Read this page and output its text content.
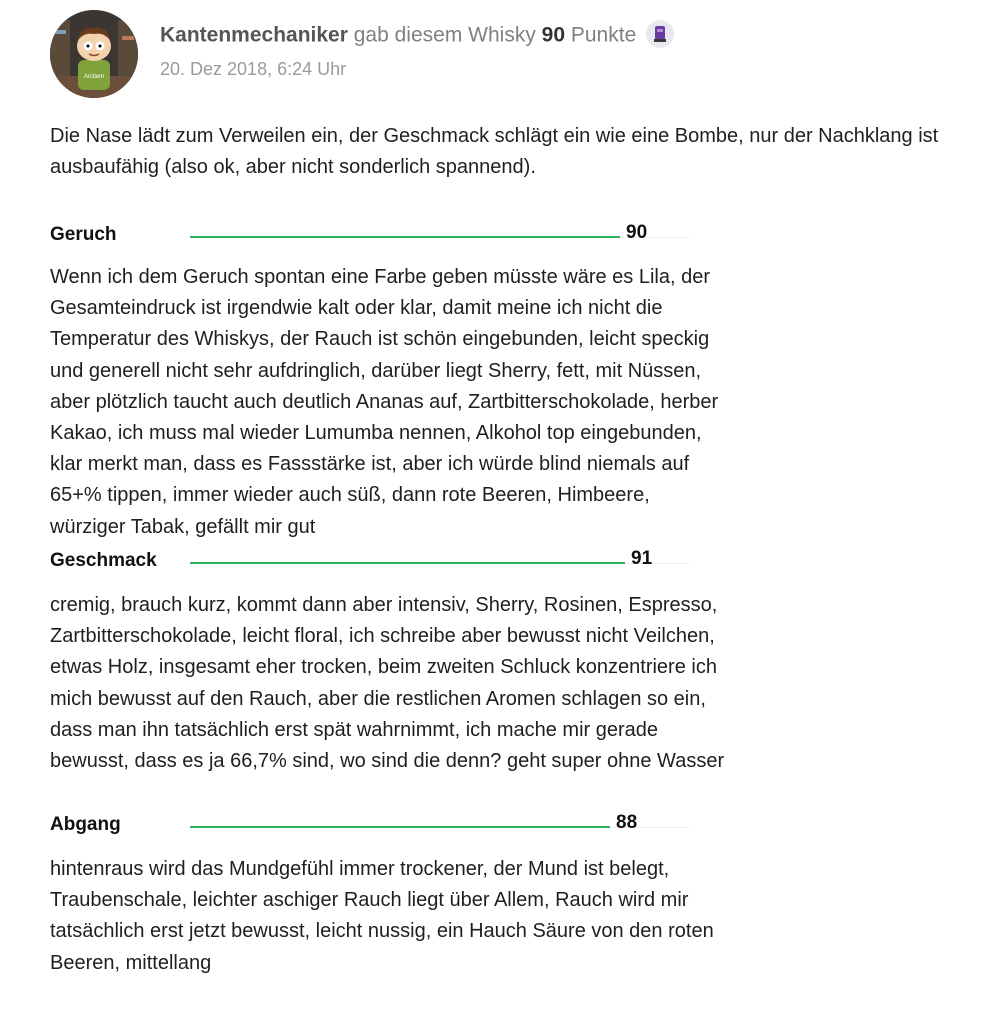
Arctiem
Kantenmechaniker gab diesem Whisky 90 Punkte
20. Dez 2018, 6:24 Uhr
Die Nase lädt zum Verweilen ein, der Geschmack schlägt ein wie eine Bombe, nur der Nachklang ist ausbaufähig (also ok, aber nicht sonderlich spannend).
Geruch	90
Wenn ich dem Geruch spontan eine Farbe geben müsste wäre es Lila, der Gesamteindruck ist irgendwie kalt oder klar, damit meine ich nicht die Temperatur des Whiskys, der Rauch ist schön eingebunden, leicht speckig und generell nicht sehr aufdringlich, darüber liegt Sherry, fett, mit Nüssen, aber plötzlich taucht auch deutlich Ananas auf, Zartbitterschokolade, herber Kakao, ich muss mal wieder Lumumba nennen, Alkohol top eingebunden, klar merkt man, dass es Fassstärke ist, aber ich würde blind niemals auf 65+% tippen, immer wieder auch süß, dann rote Beeren, Himbeere, würziger Tabak, gefällt mir gut
Geschmack	91
cremig, brauch kurz, kommt dann aber intensiv, Sherry, Rosinen, Espresso, Zartbitterschokolade, leicht floral, ich schreibe aber bewusst nicht Veilchen, etwas Holz, insgesamt eher trocken, beim zweiten Schluck konzentriere ich mich bewusst auf den Rauch, aber die restlichen Aromen schlagen so ein, dass man ihn tatsächlich erst spät wahrnimmt, ich mache mir gerade bewusst, dass es ja 66,7% sind, wo sind die denn? geht super ohne Wasser
Abgang	88
hintenraus wird das Mundgefühl immer trockener, der Mund ist belegt, Traubenschale, leichter aschiger Rauch liegt über Allem, Rauch wird mir tatsächlich erst jetzt bewusst, leicht nussig, ein Hauch Säure von den roten Beeren, mittellang
